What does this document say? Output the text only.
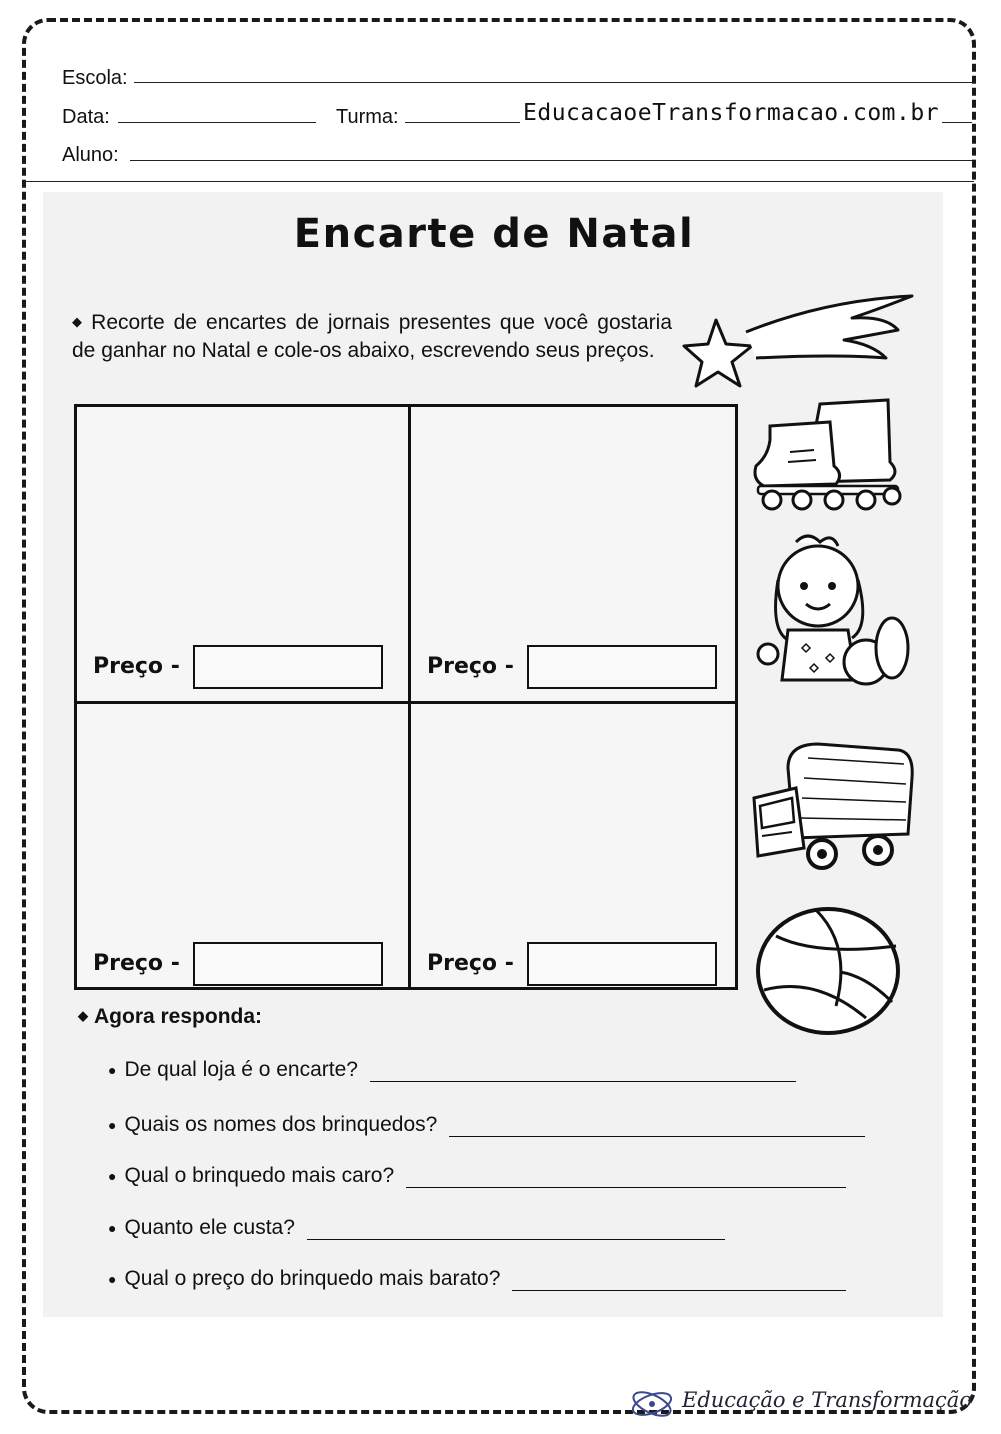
Escola:
Data:	Turma:	EducacaoeTransformacao.com.br
Aluno:
Encarte de Natal
◆ Recorte de encartes de jornais presentes que você gostaria de ganhar no Natal e cole-os abaixo, escrevendo seus preços.
Preço -	Preço -
Preço -	Preço -
◆ Agora responda:
● De qual loja é o encarte?
● Quais os nomes dos brinquedos?
● Qual o brinquedo mais caro?
● Quanto ele custa?
● Qual o preço do brinquedo mais barato?
Educação e Transformação
